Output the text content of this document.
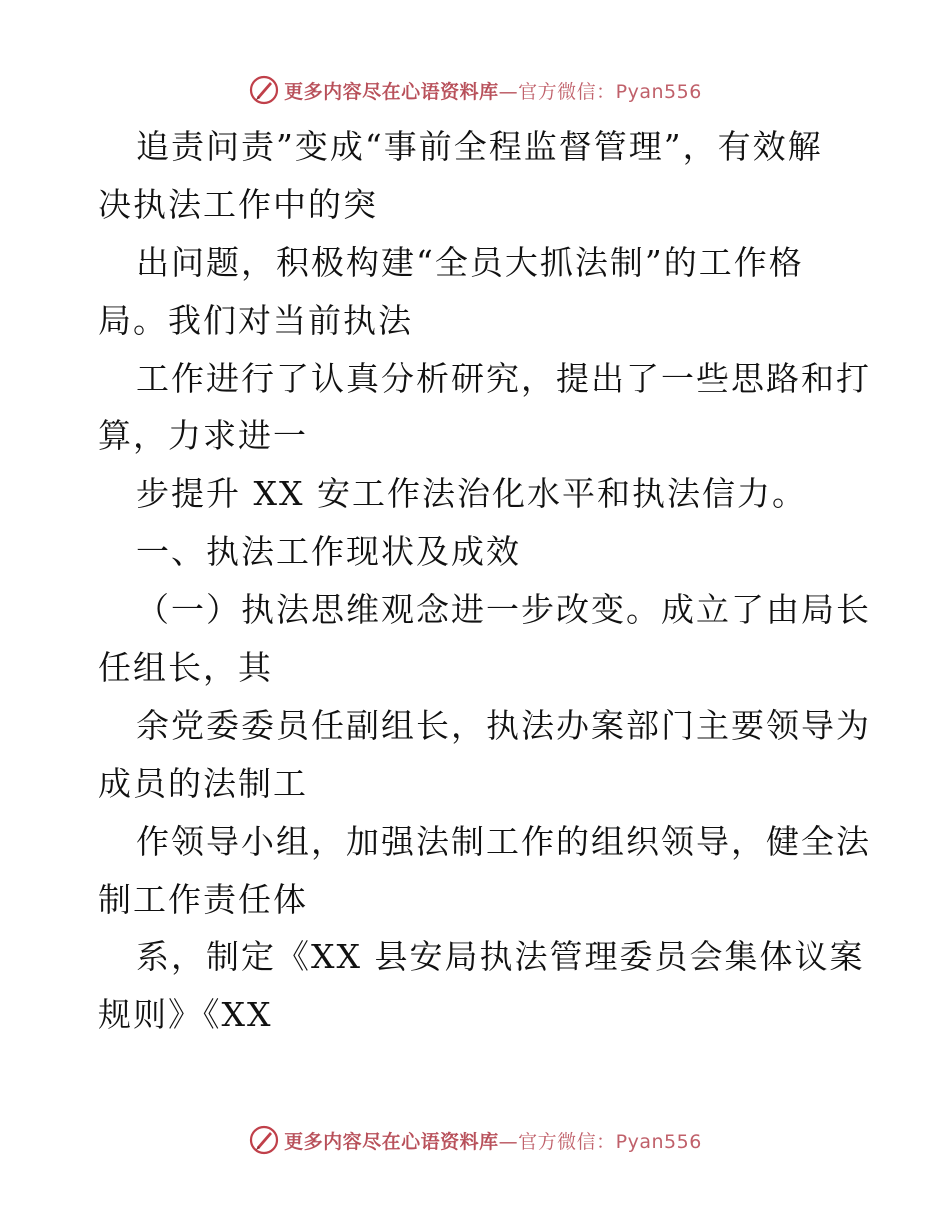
更多内容尽在心语资料库—官方微信：Pyan556
追责问责”变成“事前全程监督管理”，有效解
决执法工作中的突
出问题，积极构建“全员大抓法制”的工作格
局。我们对当前执法
工作进行了认真分析研究，提出了一些思路和打
算，力求进一
步提升 XX 安工作法治化水平和执法信力。
一、执法工作现状及成效
（一）执法思维观念进一步改变。成立了由局长
任组长，其
余党委委员任副组长，执法办案部门主要领导为
成员的法制工
作领导小组，加强法制工作的组织领导，健全法
制工作责任体
系，制定《XX 县安局执法管理委员会集体议案
规则》《XX
更多内容尽在心语资料库—官方微信：Pyan556
